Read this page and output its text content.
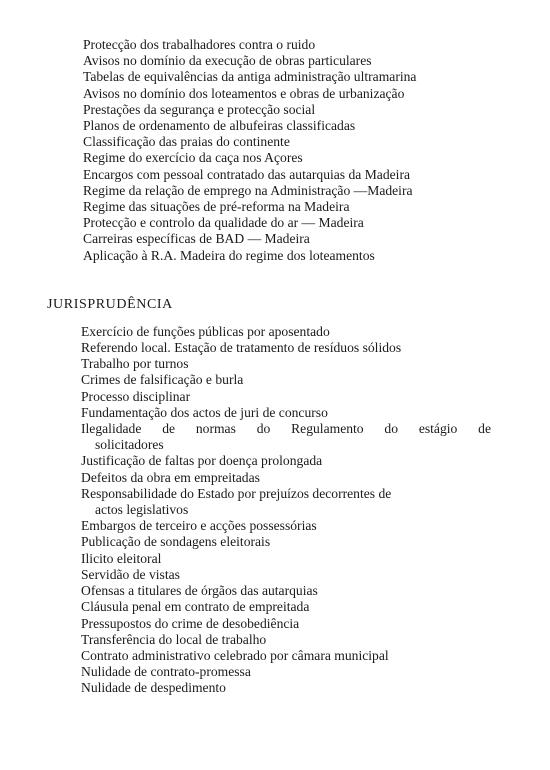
Protecção dos trabalhadores contra o ruido
Avisos no domínio da execução de obras particulares
Tabelas de equivalências da antiga administração ultramarina
Avisos no domínio dos loteamentos e obras de urbanização
Prestações da segurança e protecção social
Planos de ordenamento de albufeiras classificadas
Classificação das praias do continente
Regime do exercício da caça nos Açores
Encargos com pessoal contratado das autarquias da Madeira
Regime da relação de emprego na Administração —Madeira
Regime das situações de pré-reforma na Madeira
Protecção e controlo da qualidade do ar — Madeira
Carreiras específicas de BAD — Madeira
Aplicação à R.A. Madeira do regime dos loteamentos
JURISPRUDÊNCIA
Exercício de funções públicas por aposentado
Referendo local. Estação de tratamento de resíduos sólidos
Trabalho por turnos
Crimes de falsificação e burla
Processo disciplinar
Fundamentação dos actos de juri de concurso
Ilegalidade de normas do Regulamento do estágio de
solicitadores
Justificação de faltas por doença prolongada
Defeitos da obra em empreitadas
Responsabilidade do Estado por prejuízos decorrentes de
actos legislativos
Embargos de terceiro e acções possessórias
Publicação de sondagens eleitorais
Ilicito eleitoral
Servidão de vistas
Ofensas a titulares de órgãos das autarquias
Cláusula penal em contrato de empreitada
Pressupostos do crime de desobediência
Transferência do local de trabalho
Contrato administrativo celebrado por câmara municipal
Nulidade de contrato-promessa
Nulidade de despedimento
